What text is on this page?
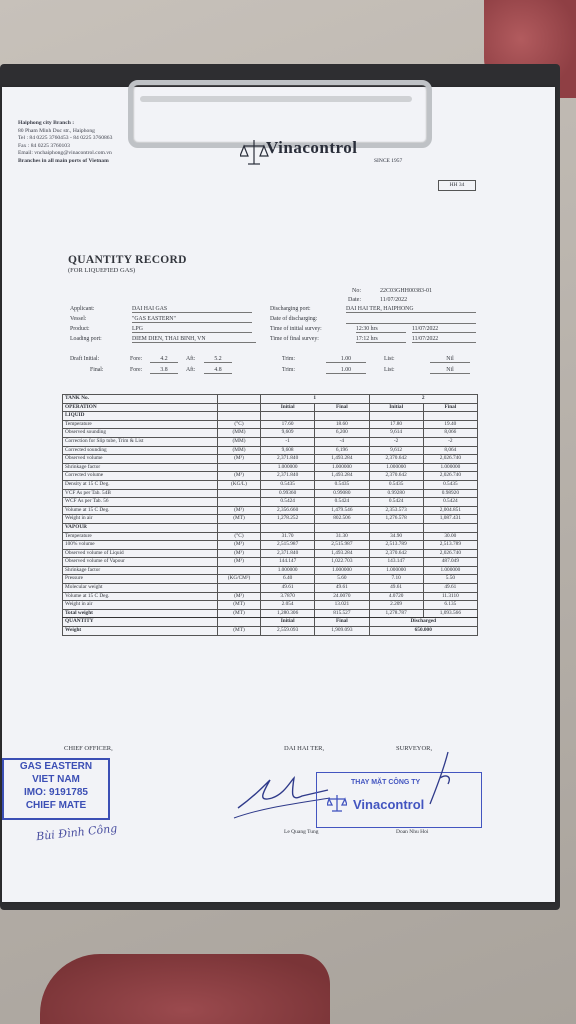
Haiphong city Branch :
80 Pham Minh Duc str., Haiphong
Tel : 84 0225 3760453 - 84 0225 3760863
Fax : 84 0225 3760103
Email: vnchaiphong@vinacontrol.com.vn
Branches in all main ports of Vietnam
Vinacontrol
SINCE 1957
HH 34
QUANTITY RECORD
(FOR LIQUEFIED GAS)
No:	22C03GHH00383-01
Date:	11/07/2022
Applicant:	DAI HAI GAS
Vessel:	"GAS EASTERN"
Product:	LPG
Loading port:	DIEM DIEN, THAI BINH, VN
Discharging port:	DAI HAI TER, HAIPHONG
Date of discharging:
Time of initial survey:	12:30 hrs	11/07/2022
Time of final survey:	17:12 hrs	11/07/2022
Draft Initial:	Fore:	4.2	Aft:	5.2	Trim:	1.00	List:	Nil
Final:	Fore:	3.8	Aft:	4.8	Trim:	1.00	List:	Nil
TANK No.		1		2	
OPERATION		Initial	Final	Initial	Final
LIQUID					
Temperature	(°C)	17.60	18.60	17.80	19.40
Observed sounding	(MM)	9,609	6,200	9,614	8,066
Correction for Slip tube, Trim & List	(MM)	-1	-4	-2	-2
Corrected sounding	(MM)	9,608	6,196	9,612	8,064
Observed volume	(M³)	2,371.840	1,493.284	2,370.642	2,026.740
Shrinkage factor		1.000000	1.000000	1.000000	1.000000
Corrected volume	(M³)	2,371.840	1,493.284	2,370.642	2,026.740
Density at 15 C Deg.	(KG/L)	0.5435	0.5435	0.5435	0.5435
VCF As per Tab. 54B		0.99360	0.99080	0.99280	0.98920
WCF As per Tab. 56		0.5424	0.5424	0.5424	0.5424
Volume at 15 C Deg.	(M³)	2,356.660	1,479.546	2,353.573	2,004.851
Weight in air	(MT)	1,278.252	802.506	1,276.578	1,087.431
VAPOUR					
Temperature	(°C)	31.70	31.30	34.90	30.00
100% volume	(M³)	2,515.987	2,515.987	2,513.789	2,513.789
Observed volume of Liquid	(M³)	2,371.840	1,493.284	2,370.642	2,026.740
Observed volume of Vapour	(M³)	144.147	1,022.703	143.147	487.049
Shrinkage factor		1.000000	1.000000	1.000000	1.000000
Pressure	(KG/CM²)	6.40	5.60	7.10	5.50
Molecular weight		49.61	49.61	49.61	49.61
Volume at 15 C Deg.	(M³)	3.7870	24.0070	4.0720	11.3110
Weight in air	(MT)	2.054	13.021	2.209	6.135
Total weight	(MT)	1,280.306	815.527	1,278.787	1,093.566
QUANTITY		Initial	Final	Discharged	
Weight	(MT)	2,559.093	1,909.093	650.000	
CHIEF OFFICER,	DAI HAI TER,	SURVEYOR,
GAS EASTERN
VIET NAM
IMO: 9191785
CHIEF MATE
Bùi Đình Công
THAY MẶT CÔNG TY
Vinacontrol
Le Quang Tung	Doan Nhu Hoi
